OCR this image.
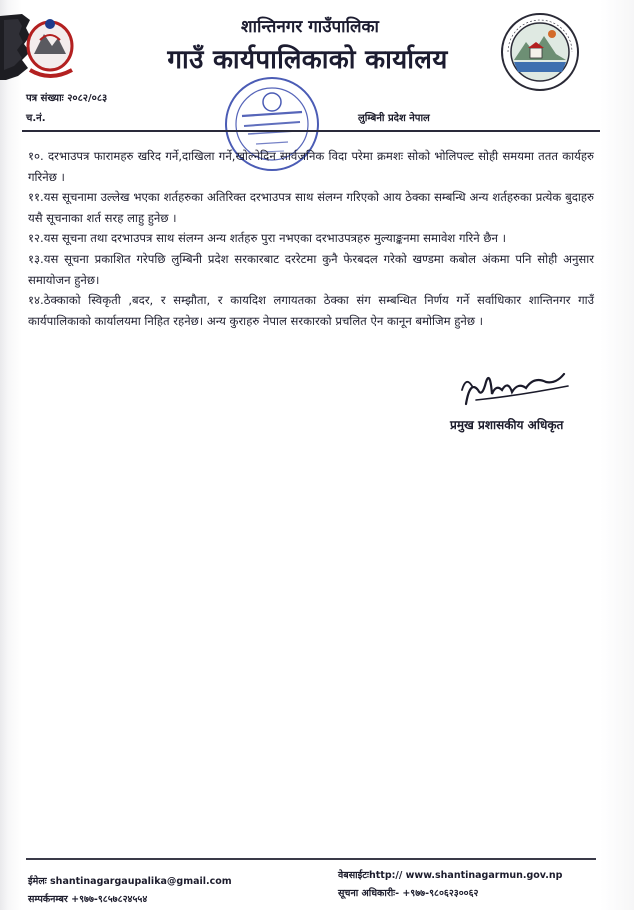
शान्तिनगर गाउँपालिका
गाउँ कार्यपालिकाको कार्यालय
पत्र संख्याः २०८२/०८३
च.नं.	लुम्बिनी प्रदेश नेपाल

१०. दरभाउपत्र फारामहरु खरिद गर्ने,दाखिला गर्ने,खोल्नेदिन सार्वजनिक विदा परेमा क्रमशः सोको भोलिपल्ट सोही समयमा ततत कार्यहरु गरिनेछ ।

११.यस सूचनामा उल्लेख भएका शर्तहरुका अतिरिक्त दरभाउपत्र साथ संलग्न गरिएको आय ठेक्का सम्बन्धि अन्य शर्तहरुका प्रत्येक बुदाहरु यसै सूचनाका शर्त सरह लाहु हुनेछ ।

१२.यस सूचना तथा दरभाउपत्र साथ संलग्न अन्य शर्तहरु पुरा नभएका दरभाउपत्रहरु मुल्याङ्कनमा समावेश गरिने छैन ।

१३.यस सूचना प्रकाशित गरेपछि लुम्बिनी प्रदेश सरकारबाट दररेटमा कुनै फेरबदल गरेको खण्डमा कबोल अंकमा पनि सोही अनुसार समायोजन हुनेछ।

१४.ठेक्काको स्विकृती ,बदर, र सम्झौता, र कायदिश लगायतका ठेक्का संग सम्बन्धित निर्णय गर्ने सर्वाधिकार शान्तिनगर गाउँ कार्यपालिकाको कार्यालयमा निहित रहनेछ। अन्य कुराहरु नेपाल सरकारको प्रचलित ऐन कानून बमोजिम हुनेछ ।

प्रमुख प्रशासकीय अधिकृत
ईमेलः shantinagargaupalika@gmail.com
सम्पर्कनम्बर +९७७-९८५७८२४५५४
वेबसाईटःhttp:// www.shantinagarmun.gov.np
सूचना अधिकारीः- +९७७-९८०६२३००६२
